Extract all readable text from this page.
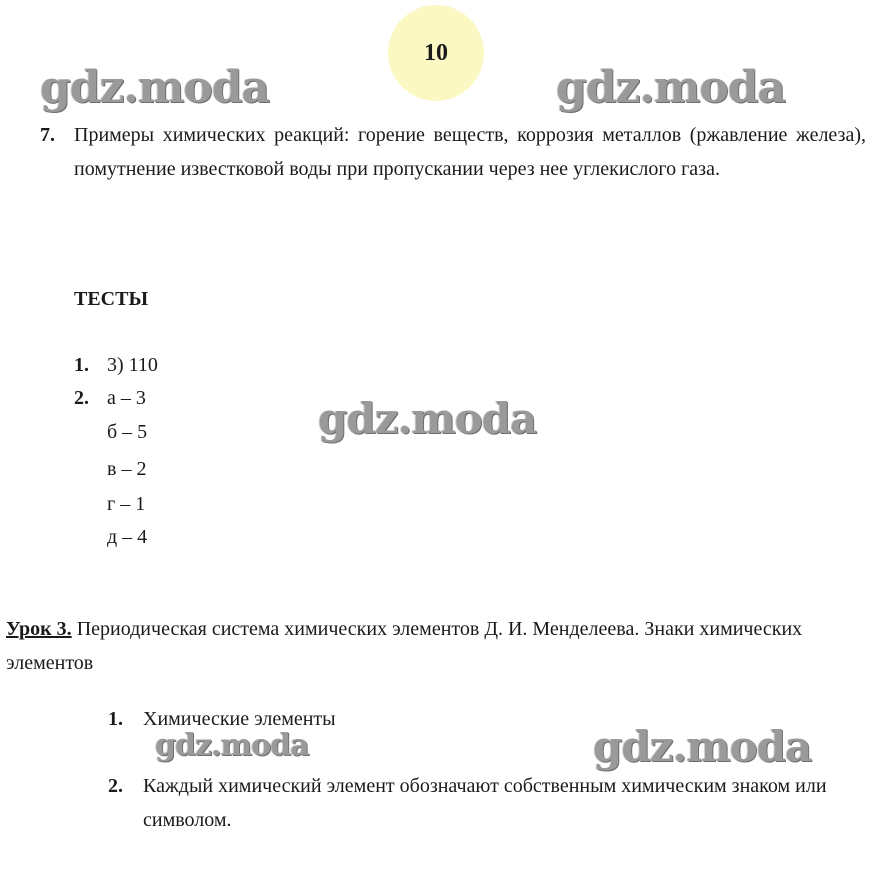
10
gdz.moda	gdz.moda
gdz.moda
gdz.moda	gdz.moda
7. Примеры химических реакций: горение веществ, коррозия металлов (ржавление железа), помутнение известковой воды при пропускании через нее углекислого газа.

ТЕСТЫ
1. 3) 110
2. а – 3
б – 5
в – 2
г – 1
д – 4

Урок 3. Периодическая система химических элементов Д. И. Менделеева. Знаки химических элементов

1. Химические элементы
2. Каждый химический элемент обозначают собственным химическим знаком или символом.
